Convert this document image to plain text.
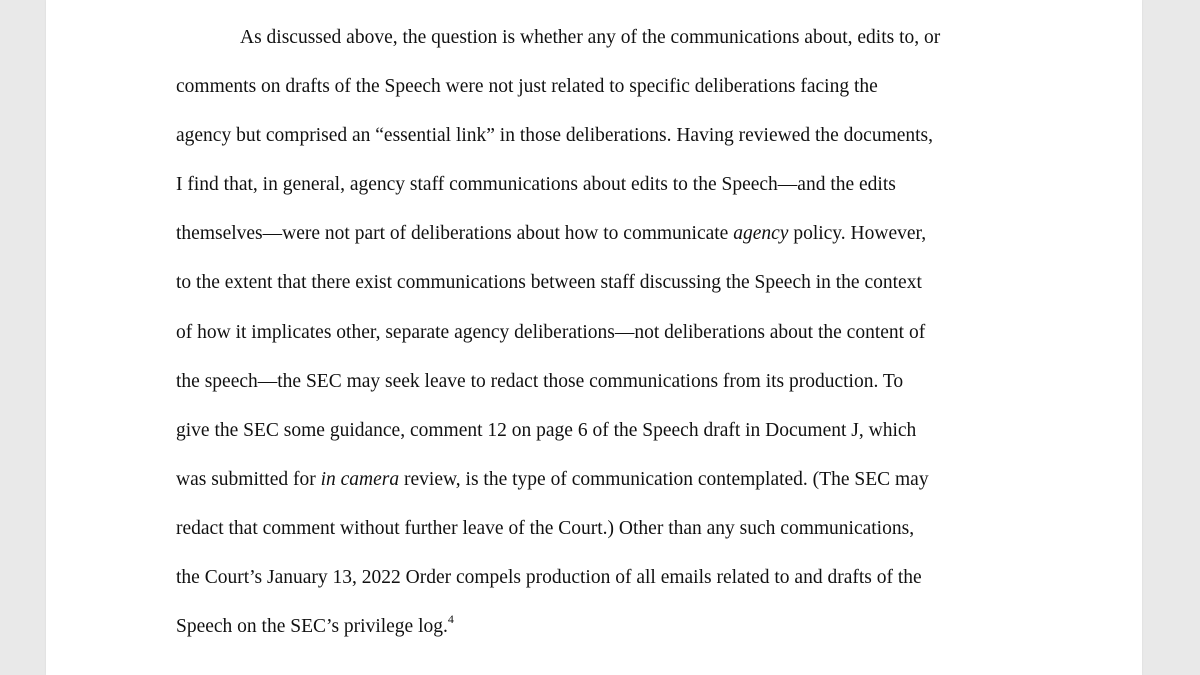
As discussed above, the question is whether any of the communications about, edits to, or
comments on drafts of the Speech were not just related to specific deliberations facing the
agency but comprised an “essential link” in those deliberations. Having reviewed the documents,
I find that, in general, agency staff communications about edits to the Speech—and the edits
themselves—were not part of deliberations about how to communicate agency policy. However,
to the extent that there exist communications between staff discussing the Speech in the context
of how it implicates other, separate agency deliberations—not deliberations about the content of
the speech—the SEC may seek leave to redact those communications from its production. To
give the SEC some guidance, comment 12 on page 6 of the Speech draft in Document J, which
was submitted for in camera review, is the type of communication contemplated. (The SEC may
redact that comment without further leave of the Court.) Other than any such communications,
the Court’s January 13, 2022 Order compels production of all emails related to and drafts of the
Speech on the SEC’s privilege log.$^4$
